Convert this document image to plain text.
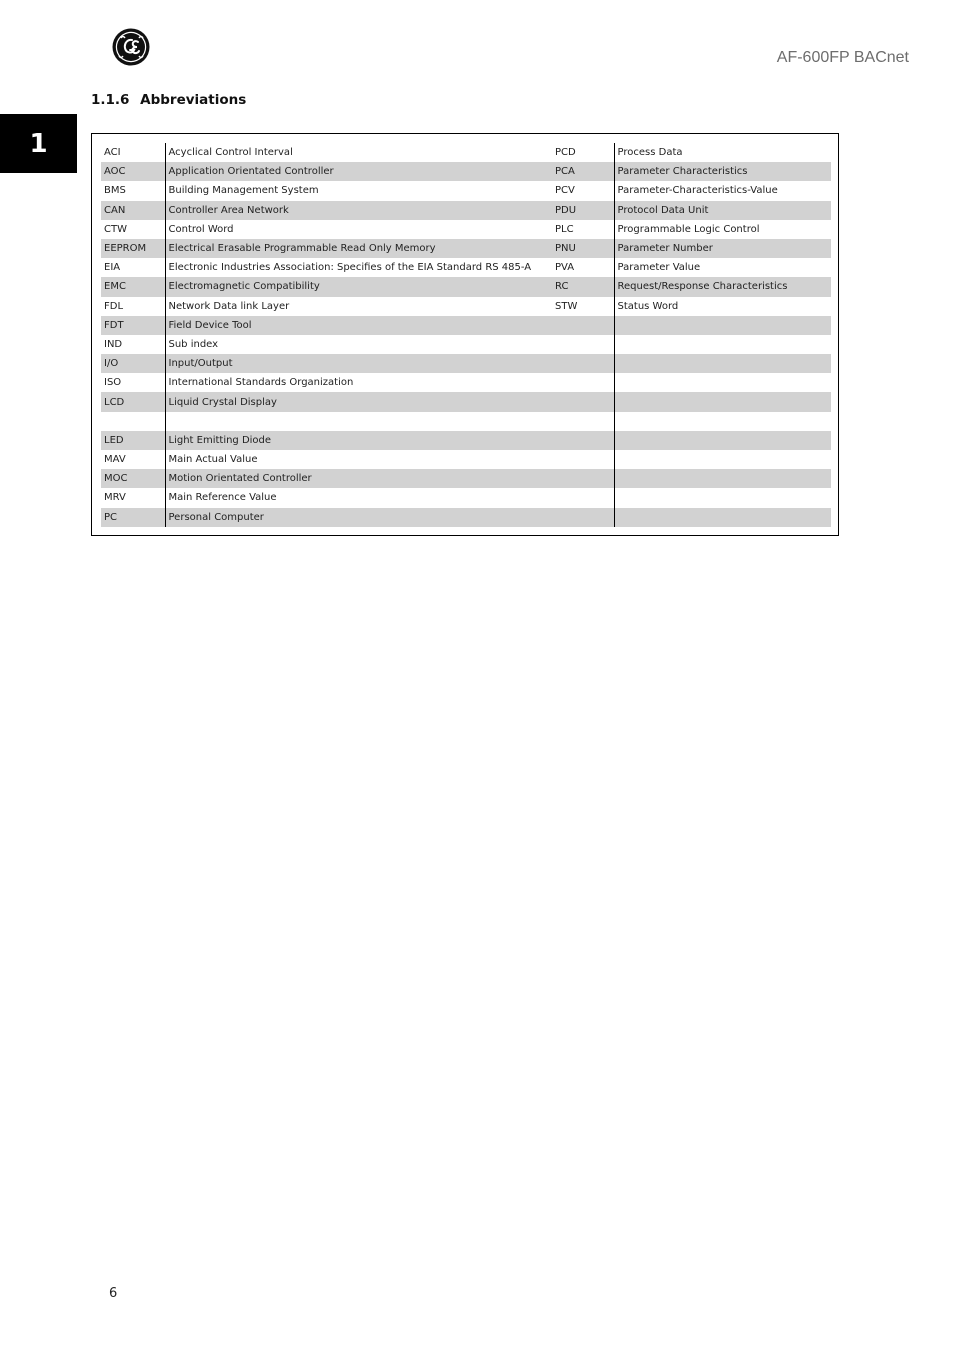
AF-600FP BACnet
1
1.1.6 Abbreviations
ACI	Acyclical Control Interval	PCD	Process Data
AOC	Application Orientated Controller	PCA	Parameter Characteristics
BMS	Building Management System	PCV	Parameter-Characteristics-Value
CAN	Controller Area Network	PDU	Protocol Data Unit
CTW	Control Word	PLC	Programmable Logic Control
EEPROM	Electrical Erasable Programmable Read Only Memory	PNU	Parameter Number
EIA	Electronic Industries Association: Specifies of the EIA Standard RS 485-A	PVA	Parameter Value
EMC	Electromagnetic Compatibility	RC	Request/Response Characteristics
FDL	Network Data link Layer	STW	Status Word
FDT	Field Device Tool		
IND	Sub index		
I/O	Input/Output		
ISO	International Standards Organization		
LCD	Liquid Crystal Display		

LED	Light Emitting Diode		
MAV	Main Actual Value		
MOC	Motion Orientated Controller		
MRV	Main Reference Value		
PC	Personal Computer		
6
